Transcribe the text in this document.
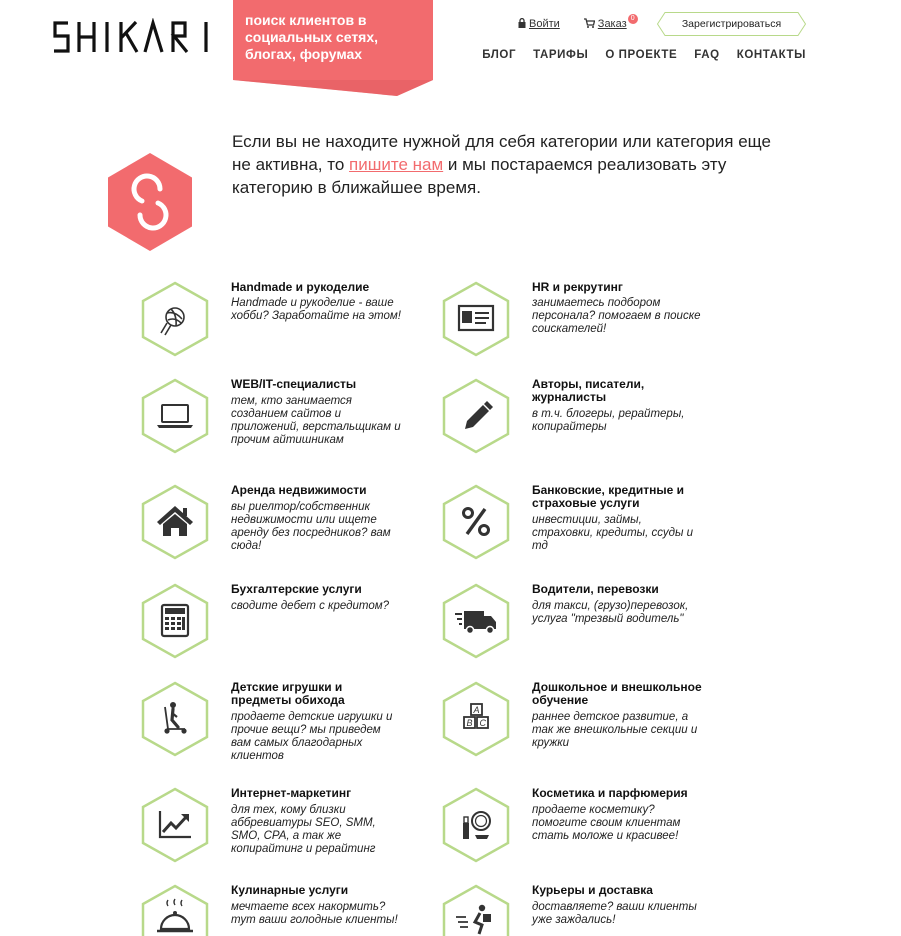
поиск клиентов в социальных сетях, блогах, форумах
Войти	Заказ 0	Зарегистрироваться
БЛОГ ТАРИФЫ О ПРОЕКТЕ FAQ КОНТАКТЫ
Если вы не находите нужной для себя категории или категория еще не активна, то пишите нам и мы постараемся реализовать эту категорию в ближайшее время.
Handmade и рукоделие
Handmade и рукоделие - ваше хобби? Заработайте на этом!
HR и рекрутинг
занимаетесь подбором персонала? помогаем в поиске соискателей!
WEB/IT-специалисты
тем, кто занимается созданием сайтов и приложений, верстальщикам и прочим айтишникам
Авторы, писатели, журналисты
в т.ч. блогеры, рерайтеры, копирайтеры
Аренда недвижимости
вы риелтор/собственник недвижимости или ищете аренду без посредников? вам сюда!
Банковские, кредитные и страховые услуги
инвестиции, займы, страховки, кредиты, ссуды и тд
Бухгалтерские услуги
сводите дебет с кредитом?
Водители, перевозки
для такси, (грузо)перевозок, услуга "трезвый водитель"
Детские игрушки и предметы обихода
продаете детские игрушки и прочие вещи? мы приведем вам самых благодарных клиентов
A
B C
Дошкольное и внешкольное обучение
раннее детское развитие, а так же внешкольные секции и кружки
Интернет-маркетинг
для тех, кому близки аббревиатуры SEO, SMM, SMO, CPA, а так же копирайтинг и рерайтинг
Косметика и парфюмерия
продаете косметику? помогите своим клиентам стать моложе и красивее!
Кулинарные услуги
мечтаете всех накормить? тут ваши голодные клиенты!
Курьеры и доставка
доставляете? ваши клиенты уже заждались!
